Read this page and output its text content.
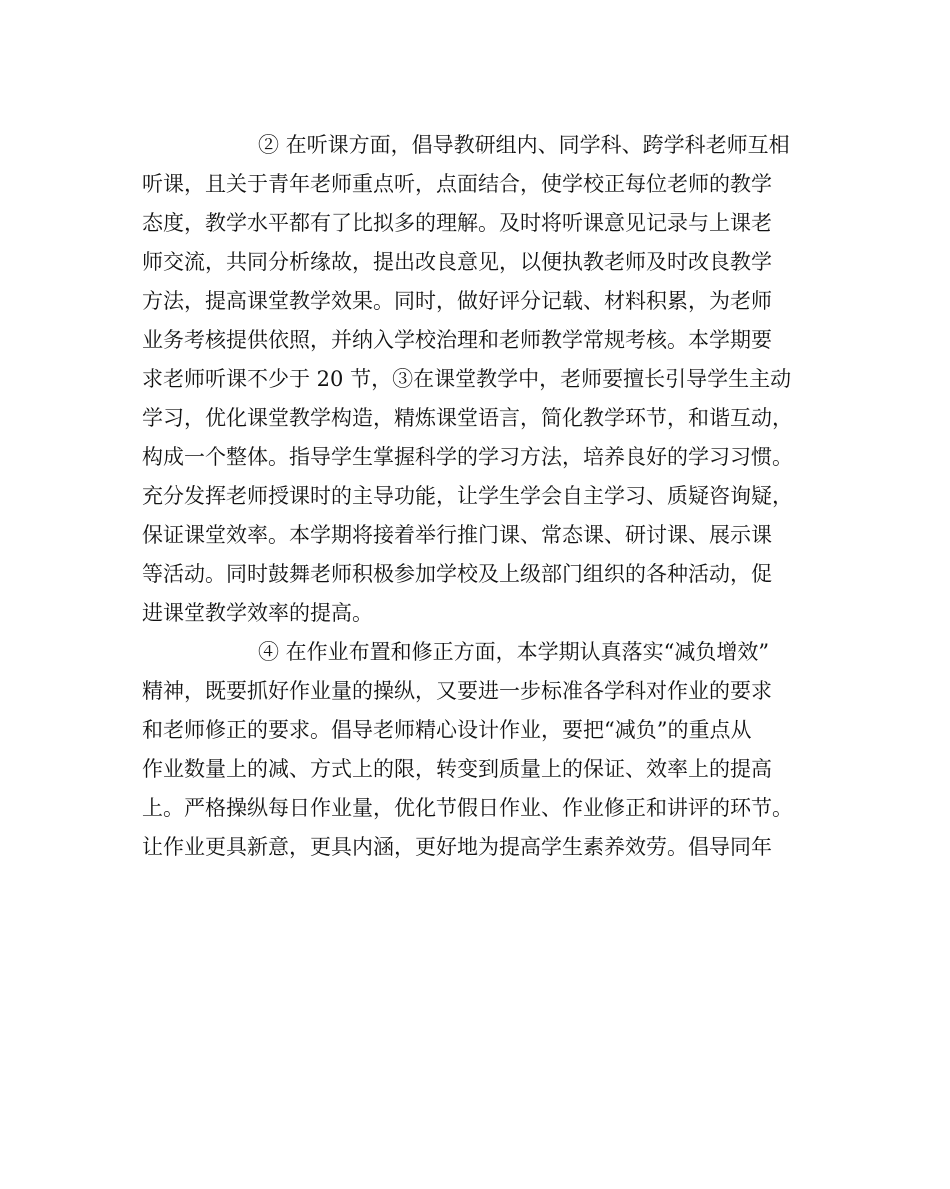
② 在听课方面，倡导教研组内、同学科、跨学科老师互相
听课，且关于青年老师重点听，点面结合，使学校正每位老师的教学
态度，教学水平都有了比拟多的理解。及时将听课意见记录与上课老
师交流，共同分析缘故，提出改良意见，以便执教老师及时改良教学
方法，提高课堂教学效果。同时，做好评分记载、材料积累，为老师
业务考核提供依照，并纳入学校治理和老师教学常规考核。本学期要
求老师听课不少于 20 节，③在课堂教学中，老师要擅长引导学生主动
学习，优化课堂教学构造，精炼课堂语言，简化教学环节，和谐互动，
构成一个整体。指导学生掌握科学的学习方法，培养良好的学习习惯。
充分发挥老师授课时的主导功能，让学生学会自主学习、质疑咨询疑，
保证课堂效率。本学期将接着举行推门课、常态课、研讨课、展示课
等活动。同时鼓舞老师积极参加学校及上级部门组织的各种活动，促
进课堂教学效率的提高。
④ 在作业布置和修正方面，本学期认真落实“减负增效”
精神，既要抓好作业量的操纵，又要进一步标准各学科对作业的要求
和老师修正的要求。倡导老师精心设计作业，要把“减负”的重点从
作业数量上的减、方式上的限，转变到质量上的保证、效率上的提高
上。严格操纵每日作业量，优化节假日作业、作业修正和讲评的环节。
让作业更具新意，更具内涵，更好地为提高学生素养效劳。倡导同年
